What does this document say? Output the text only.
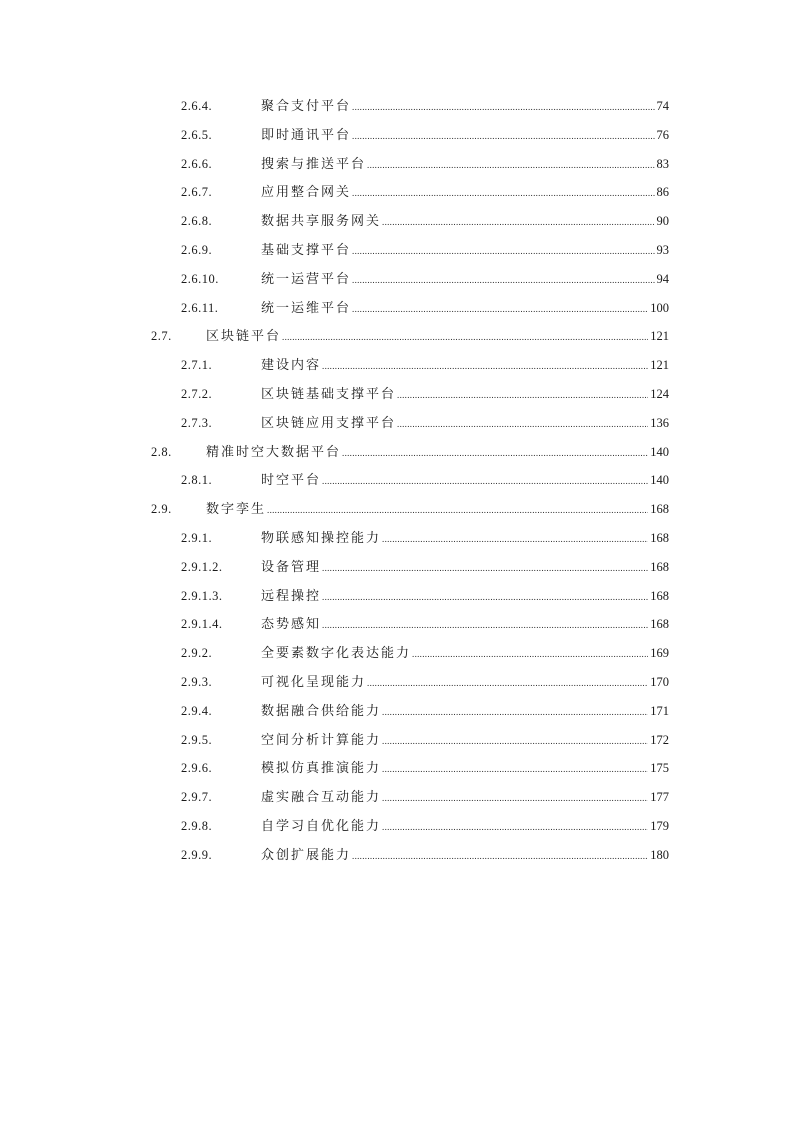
2.6.4.	聚合支付平台 .....	74
2.6.5.	即时通讯平台 .....	76
2.6.6.	搜索与推送平台 .....	83
2.6.7.	应用整合网关 .....	86
2.6.8.	数据共享服务网关 .....	90
2.6.9.	基础支撑平台 .....	93
2.6.10.	统一运营平台 .....	94
2.6.11.	统一运维平台 .....	100
2.7.	区块链平台 .....	121
2.7.1.	建设内容 .....	121
2.7.2.	区块链基础支撑平台 .....	124
2.7.3.	区块链应用支撑平台 .....	136
2.8.	精准时空大数据平台 .....	140
2.8.1.	时空平台 .....	140
2.9.	数字孪生 .....	168
2.9.1.	物联感知操控能力 .....	168
2.9.1.2.	设备管理 .....	168
2.9.1.3.	远程操控 .....	168
2.9.1.4.	态势感知 .....	168
2.9.2.	全要素数字化表达能力 .....	169
2.9.3.	可视化呈现能力 .....	170
2.9.4.	数据融合供给能力 .....	171
2.9.5.	空间分析计算能力 .....	172
2.9.6.	模拟仿真推演能力 .....	175
2.9.7.	虚实融合互动能力 .....	177
2.9.8.	自学习自优化能力 .....	179
2.9.9.	众创扩展能力 .....	180
